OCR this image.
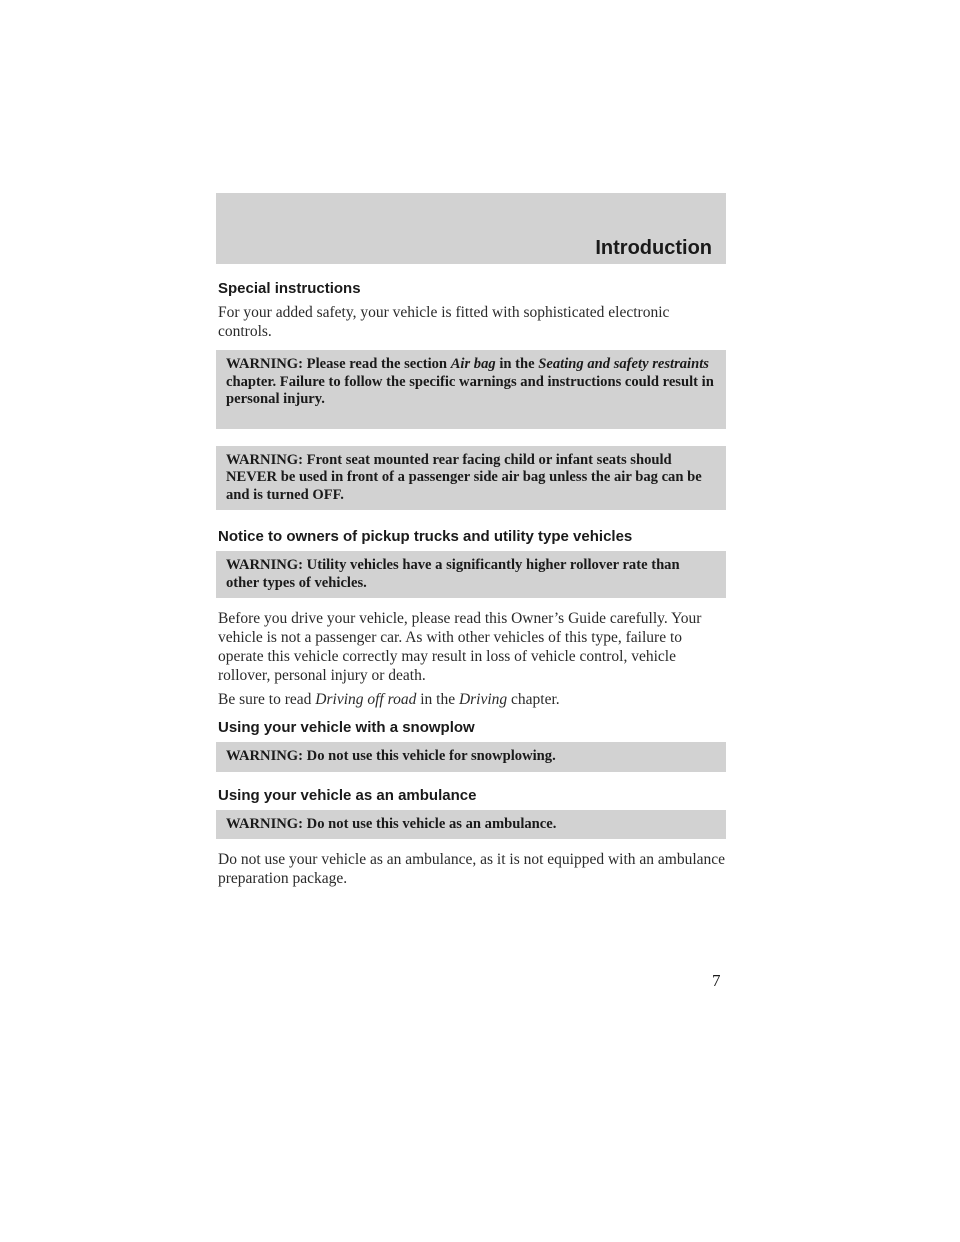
Introduction
Special instructions

For your added safety, your vehicle is fitted with sophisticated electronic controls.

WARNING: Please read the section Air bag in the Seating and safety restraints chapter. Failure to follow the specific warnings and instructions could result in personal injury.
WARNING: Front seat mounted rear facing child or infant seats should NEVER be used in front of a passenger side air bag unless the air bag can be and is turned OFF.
Notice to owners of pickup trucks and utility type vehicles
WARNING: Utility vehicles have a significantly higher rollover rate than other types of vehicles.

Before you drive your vehicle, please read this Owner’s Guide carefully. Your vehicle is not a passenger car. As with other vehicles of this type, failure to operate this vehicle correctly may result in loss of vehicle control, vehicle rollover, personal injury or death.

Be sure to read Driving off road in the Driving chapter.

Using your vehicle with a snowplow
WARNING: Do not use this vehicle for snowplowing.
Using your vehicle as an ambulance
WARNING: Do not use this vehicle as an ambulance.

Do not use your vehicle as an ambulance, as it is not equipped with an ambulance preparation package.

7
